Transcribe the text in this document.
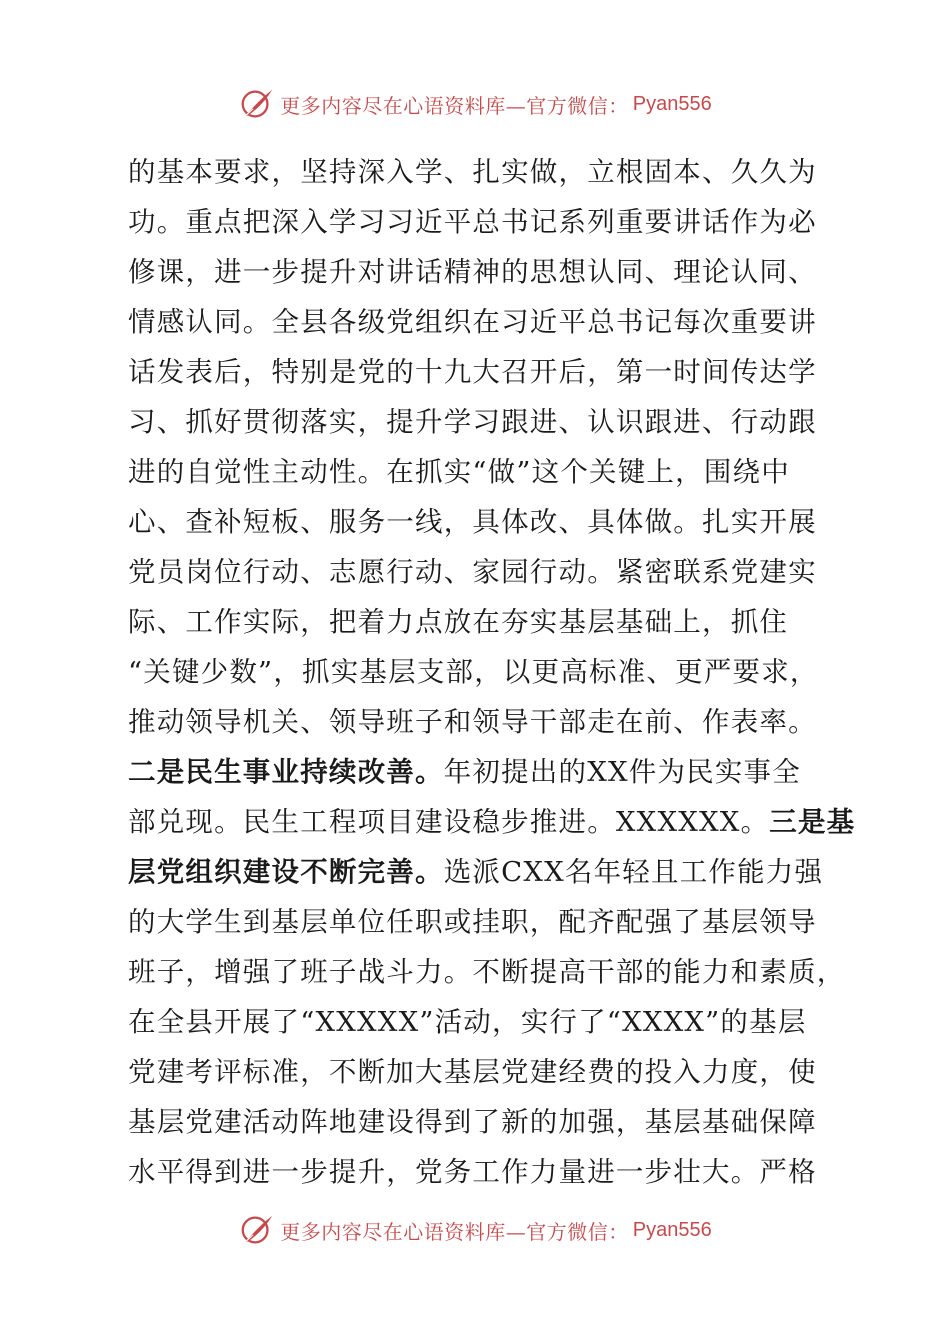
更多内容尽在心语资料库—官方微信： Pyan556
的基本要求，坚持深入学、扎实做，立根固本、久久为
功。重点把深入学习习近平总书记系列重要讲话作为必
修课，进一步提升对讲话精神的思想认同、理论认同、
情感认同。全县各级党组织在习近平总书记每次重要讲
话发表后，特别是党的十九大召开后，第一时间传达学
习、抓好贯彻落实，提升学习跟进、认识跟进、行动跟
进的自觉性主动性。在抓实“做”这个关键上，围绕中
心、查补短板、服务一线，具体改、具体做。扎实开展
党员岗位行动、志愿行动、家园行动。紧密联系党建实
际、工作实际，把着力点放在夯实基层基础上，抓住
“关键少数”，抓实基层支部，以更高标准、更严要求，
推动领导机关、领导班子和领导干部走在前、作表率。
二是民生事业持续改善。年初提出的XX件为民实事全
部兑现。民生工程项目建设稳步推进。XXXXXX。三是基
层党组织建设不断完善。选派CXX名年轻且工作能力强
的大学生到基层单位任职或挂职，配齐配强了基层领导
班子，增强了班子战斗力。不断提高干部的能力和素质，
在全县开展了“XXXXX”活动，实行了“XXXX”的基层
党建考评标准，不断加大基层党建经费的投入力度，使
基层党建活动阵地建设得到了新的加强，基层基础保障
水平得到进一步提升，党务工作力量进一步壮大。严格
更多内容尽在心语资料库—官方微信： Pyan556
